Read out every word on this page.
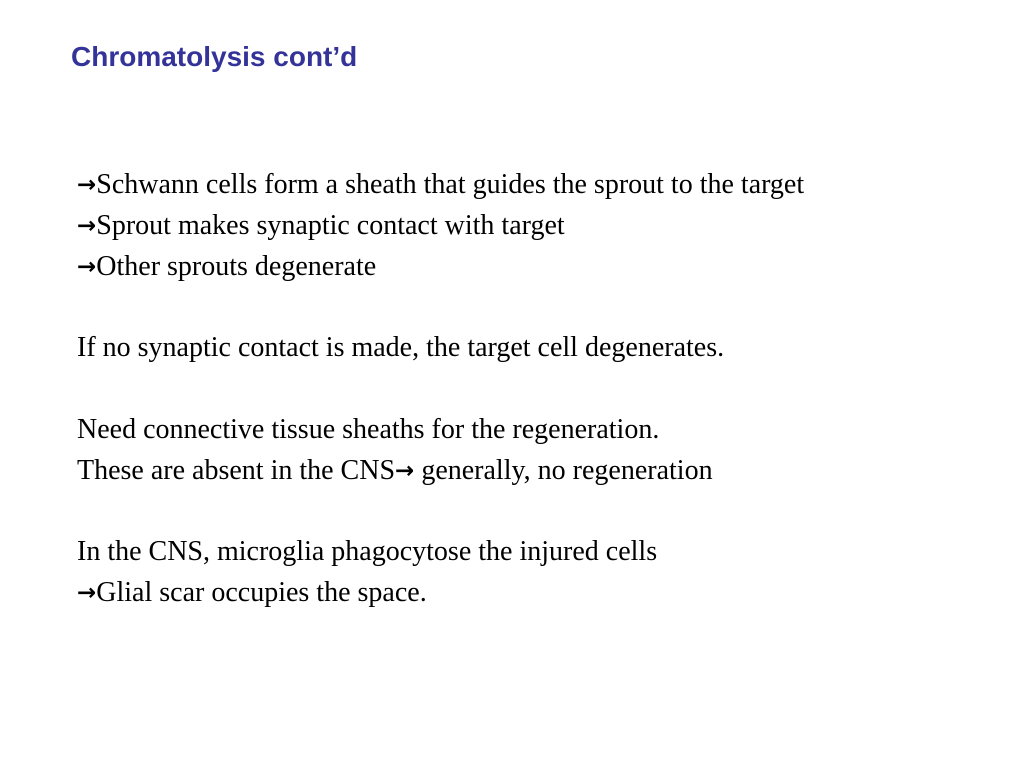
Chromatolysis cont’d
→Schwann cells form a sheath that guides the sprout to the target
→Sprout makes synaptic contact with target
→Other sprouts degenerate
If no synaptic contact is made, the target cell degenerates.
Need connective tissue sheaths for the regeneration.
These are absent in the CNS→ generally, no regeneration
In the CNS, microglia phagocytose the injured cells
→Glial scar occupies the space.
